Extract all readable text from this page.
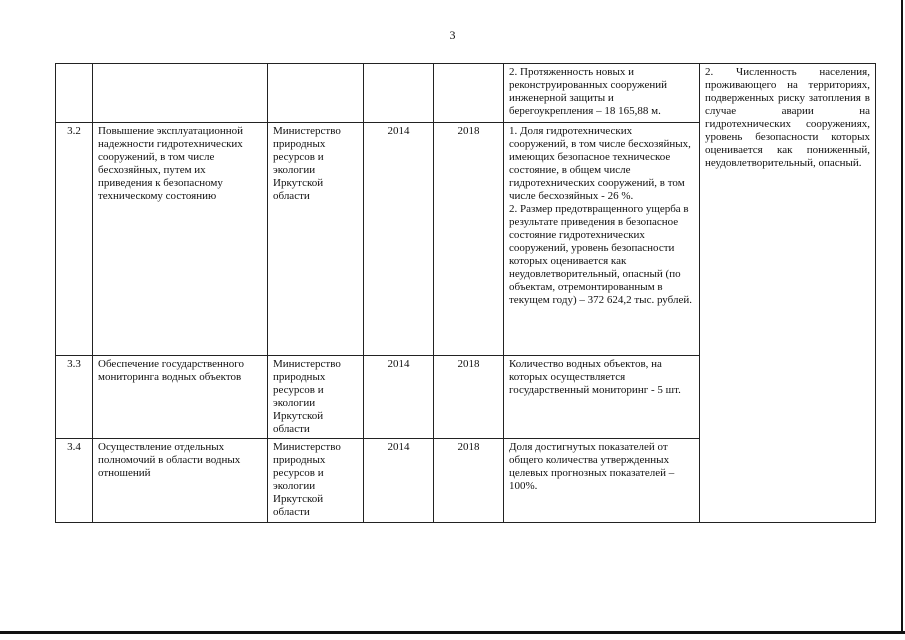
3
					2. Протяженность новых и реконструированных сооружений инженерной защиты и берегоукрепления – 18 165,88 м.	2. Численность населения, проживающего на территориях, подверженных риску затопления в случае аварии на гидротехнических сооружениях, уровень безопасности которых оценивается как пониженный, неудовлетворительный, опасный.
3.2	Повышение эксплуатационной надежности гидротехнических сооружений, в том числе бесхозяйных, путем их приведения к безопасному техническому состоянию	Министерство природных ресурсов и экологии Иркутской области	2014	2018	1. Доля гидротехнических сооружений, в том числе бесхозяйных, имеющих безопасное техническое состояние, в общем числе гидротехнических сооружений, в том числе бесхозяйных - 26 %.
2. Размер предотвращенного ущерба в результате приведения в безопасное состояние гидротехнических сооружений, уровень безопасности которых оценивается как неудовлетворительный, опасный (по объектам, отремонтированным в текущем году) – 372 624,2 тыс. рублей.	
3.3	Обеспечение государственного мониторинга водных объектов	Министерство природных ресурсов и экологии Иркутской области	2014	2018	Количество водных объектов, на которых осуществляется государственный мониторинг - 5 шт.	
3.4	Осуществление отдельных полномочий в области водных отношений	Министерство природных ресурсов и экологии Иркутской области	2014	2018	Доля достигнутых показателей от общего количества утвержденных целевых прогнозных показателей – 100%.	
